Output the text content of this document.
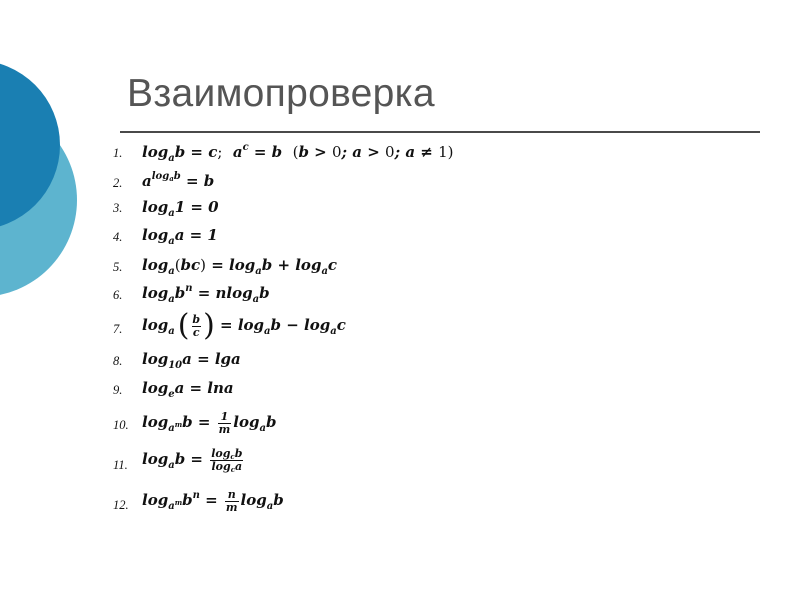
Взаимопроверка
1. $\log_ab = c$;  $a^c = b$  (b > 0; a > 0; a ≠ 1)
2. $a^{log_ab} = b$
3. $\log_a1 = 0$
4. $\log_aa = 1$
5. $\log_a(bc) = \log_ab + \log_ac$
6. $\log_ab^n = nlog_ab$
7. $\log_a$  ( $\frac{b}{c}$ ) = $\log_ab - \log_ac$
8. $\log_{10}a = \lg a$
9. $\log_ea = \ln a$
10. $\log_{a^m}b = \frac{1}{m} \log_ab$
11. $\log_ab = \frac{\log_cb}{\log_ca}$
12. $\log_{a^m}b^n = \frac{n}{m} \log_ab$
